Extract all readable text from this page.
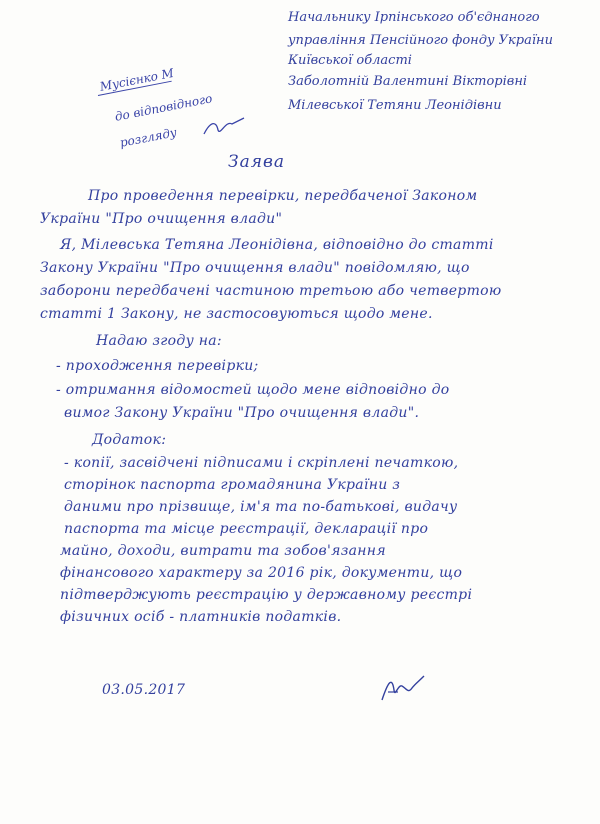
Начальнику Ірпінського об'єднаного
управління Пенсійного фонду України
Київської області
Заболотній Валентині Вікторівні
Мілевської Тетяни Леонідівни
Мусієнко М
до відповідного
розгляду
Заява
Про проведення перевірки, передбаченої Законом
України "Про очищення влади"
Я, Мілевська Тетяна Леонідівна, відповідно до статті
Закону України "Про очищення влади" повідомляю, що
заборони передбачені частиною третьою або четвертою
статті 1 Закону, не застосовуються щодо мене.
Надаю згоду на:
- проходження перевірки;
- отримання відомостей щодо мене відповідно до
вимог Закону України "Про очищення влади".
Додаток:
- копії, засвідчені підписами і скріплені печаткою,
сторінок паспорта громадянина України з
даними про прізвище, ім'я та по-батькові, видачу
паспорта та місце реєстрації, декларації про
майно, доходи, витрати та зобов'язання
фінансового характеру за 2016 рік, документи, що
підтверджують реєстрацію у державному реєстрі
фізичних осіб - платників податків.
03.05.2017
